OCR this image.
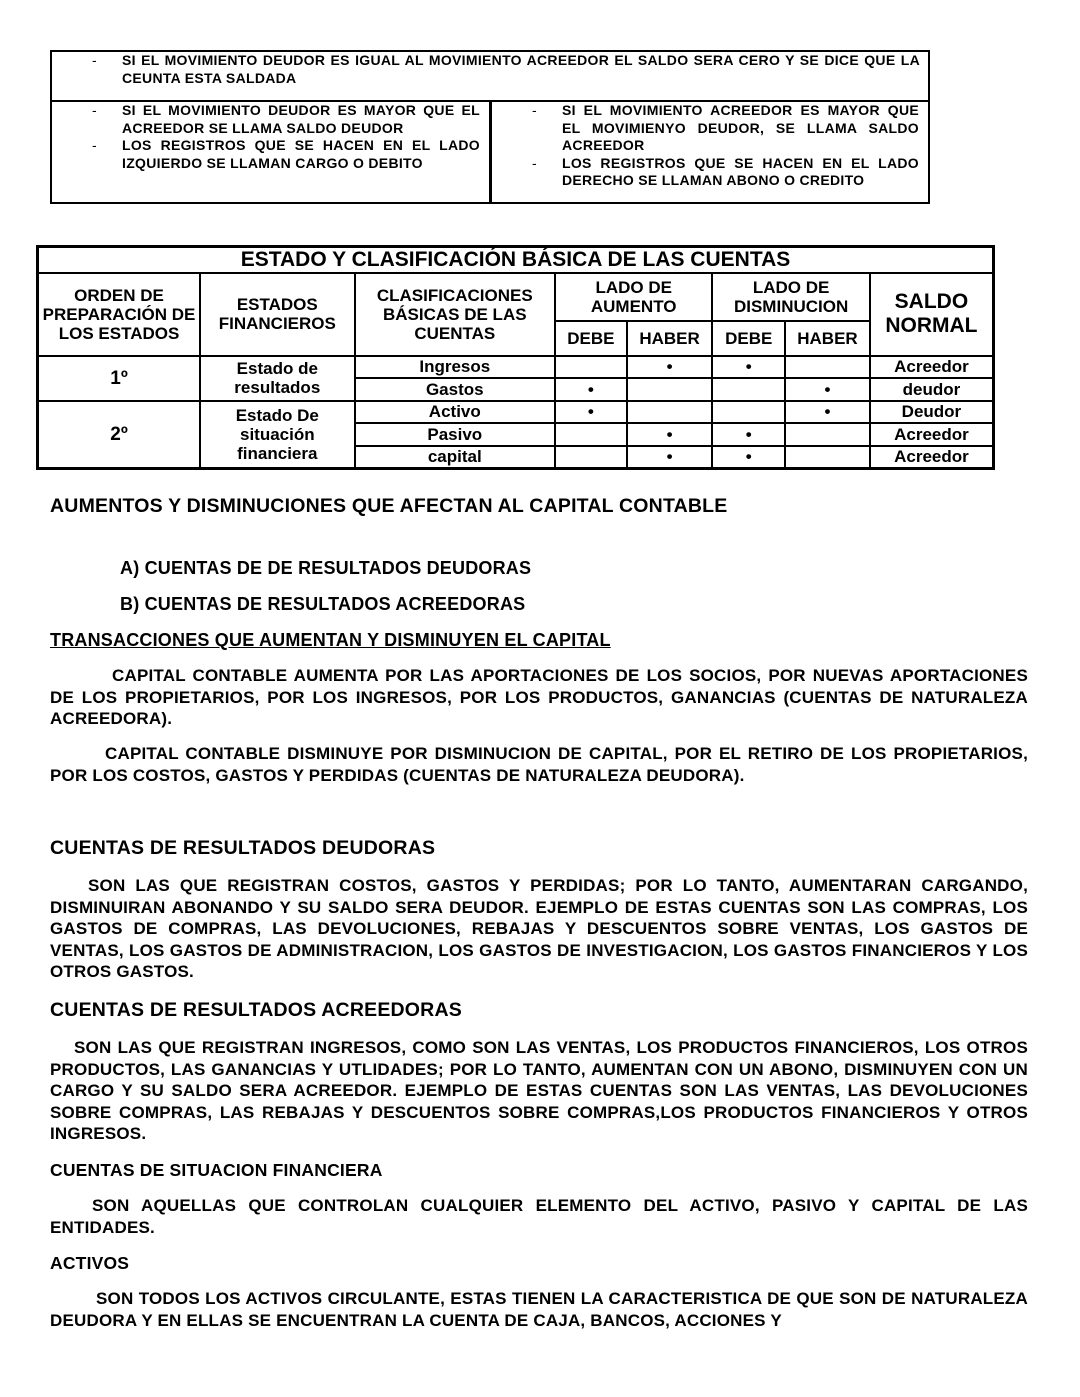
- SI EL MOVIMIENTO DEUDOR ES IGUAL AL MOVIMIENTO ACREEDOR EL SALDO SERA CERO Y SE DICE QUE LA CEUNTA ESTA SALDADA
- SI EL MOVIMIENTO DEUDOR ES MAYOR QUE EL ACREEDOR SE LLAMA SALDO DEUDOR
- LOS REGISTROS QUE SE HACEN EN EL LADO IZQUIERDO SE LLAMAN CARGO O DEBITO
- SI EL MOVIMIENTO ACREEDOR ES MAYOR QUE EL MOVIMIENYO DEUDOR, SE LLAMA SALDO ACREEDOR
- LOS REGISTROS QUE SE HACEN EN EL LADO DERECHO SE LLAMAN ABONO O CREDITO
ESTADO Y CLASIFICACIÓN BÁSICA DE LAS CUENTAS							
ORDEN DE PREPARACIÓN DE LOS ESTADOS	ESTADOS FINANCIEROS	CLASIFICACIONES BÁSICAS DE LAS CUENTAS	LADO DE AUMENTO		LADO DE DISMINUCION		SALDO NORMAL
			DEBE	HABER	DEBE	HABER	
1º	Estado de resultados	Ingresos		•	•		Acreedor
		Gastos	•			•	deudor
2º	Estado De situación financiera	Activo	•			•	Deudor
		Pasivo		•	•		Acreedor
		capital		•	•		Acreedor
AUMENTOS Y DISMINUCIONES QUE AFECTAN AL CAPITAL CONTABLE
A) CUENTAS DE DE RESULTADOS DEUDORAS
B) CUENTAS DE RESULTADOS ACREEDORAS
TRANSACCIONES QUE AUMENTAN Y DISMINUYEN EL CAPITAL
CAPITAL CONTABLE AUMENTA POR LAS APORTACIONES DE LOS SOCIOS, POR NUEVAS APORTACIONES DE LOS PROPIETARIOS, POR LOS INGRESOS, POR LOS PRODUCTOS, GANANCIAS (CUENTAS DE NATURALEZA ACREEDORA).
CAPITAL CONTABLE DISMINUYE POR DISMINUCION DE CAPITAL, POR EL RETIRO DE LOS PROPIETARIOS, POR LOS COSTOS, GASTOS Y PERDIDAS (CUENTAS DE NATURALEZA DEUDORA).
CUENTAS DE RESULTADOS DEUDORAS
SON LAS QUE REGISTRAN COSTOS, GASTOS Y PERDIDAS; POR LO TANTO, AUMENTARAN CARGANDO, DISMINUIRAN ABONANDO Y SU SALDO SERA DEUDOR. EJEMPLO DE ESTAS CUENTAS SON LAS COMPRAS, LOS GASTOS DE COMPRAS, LAS DEVOLUCIONES, REBAJAS Y DESCUENTOS SOBRE VENTAS, LOS GASTOS DE VENTAS, LOS GASTOS DE ADMINISTRACION, LOS GASTOS DE INVESTIGACION, LOS GASTOS FINANCIEROS Y LOS OTROS GASTOS.
CUENTAS DE RESULTADOS ACREEDORAS
SON LAS QUE REGISTRAN INGRESOS, COMO SON LAS VENTAS, LOS PRODUCTOS FINANCIEROS, LOS OTROS PRODUCTOS, LAS GANANCIAS Y UTLIDADES; POR LO TANTO, AUMENTAN CON UN ABONO, DISMINUYEN CON UN CARGO Y SU SALDO SERA ACREEDOR. EJEMPLO DE ESTAS CUENTAS SON LAS VENTAS, LAS DEVOLUCIONES SOBRE COMPRAS, LAS REBAJAS Y DESCUENTOS SOBRE COMPRAS,LOS PRODUCTOS FINANCIEROS Y OTROS INGRESOS.
CUENTAS DE SITUACION FINANCIERA
SON AQUELLAS QUE CONTROLAN CUALQUIER ELEMENTO DEL ACTIVO, PASIVO Y CAPITAL DE LAS ENTIDADES.
ACTIVOS
SON TODOS LOS ACTIVOS CIRCULANTE, ESTAS TIENEN LA CARACTERISTICA DE QUE SON DE NATURALEZA DEUDORA Y EN ELLAS SE ENCUENTRAN LA CUENTA DE CAJA, BANCOS, ACCIONES Y
